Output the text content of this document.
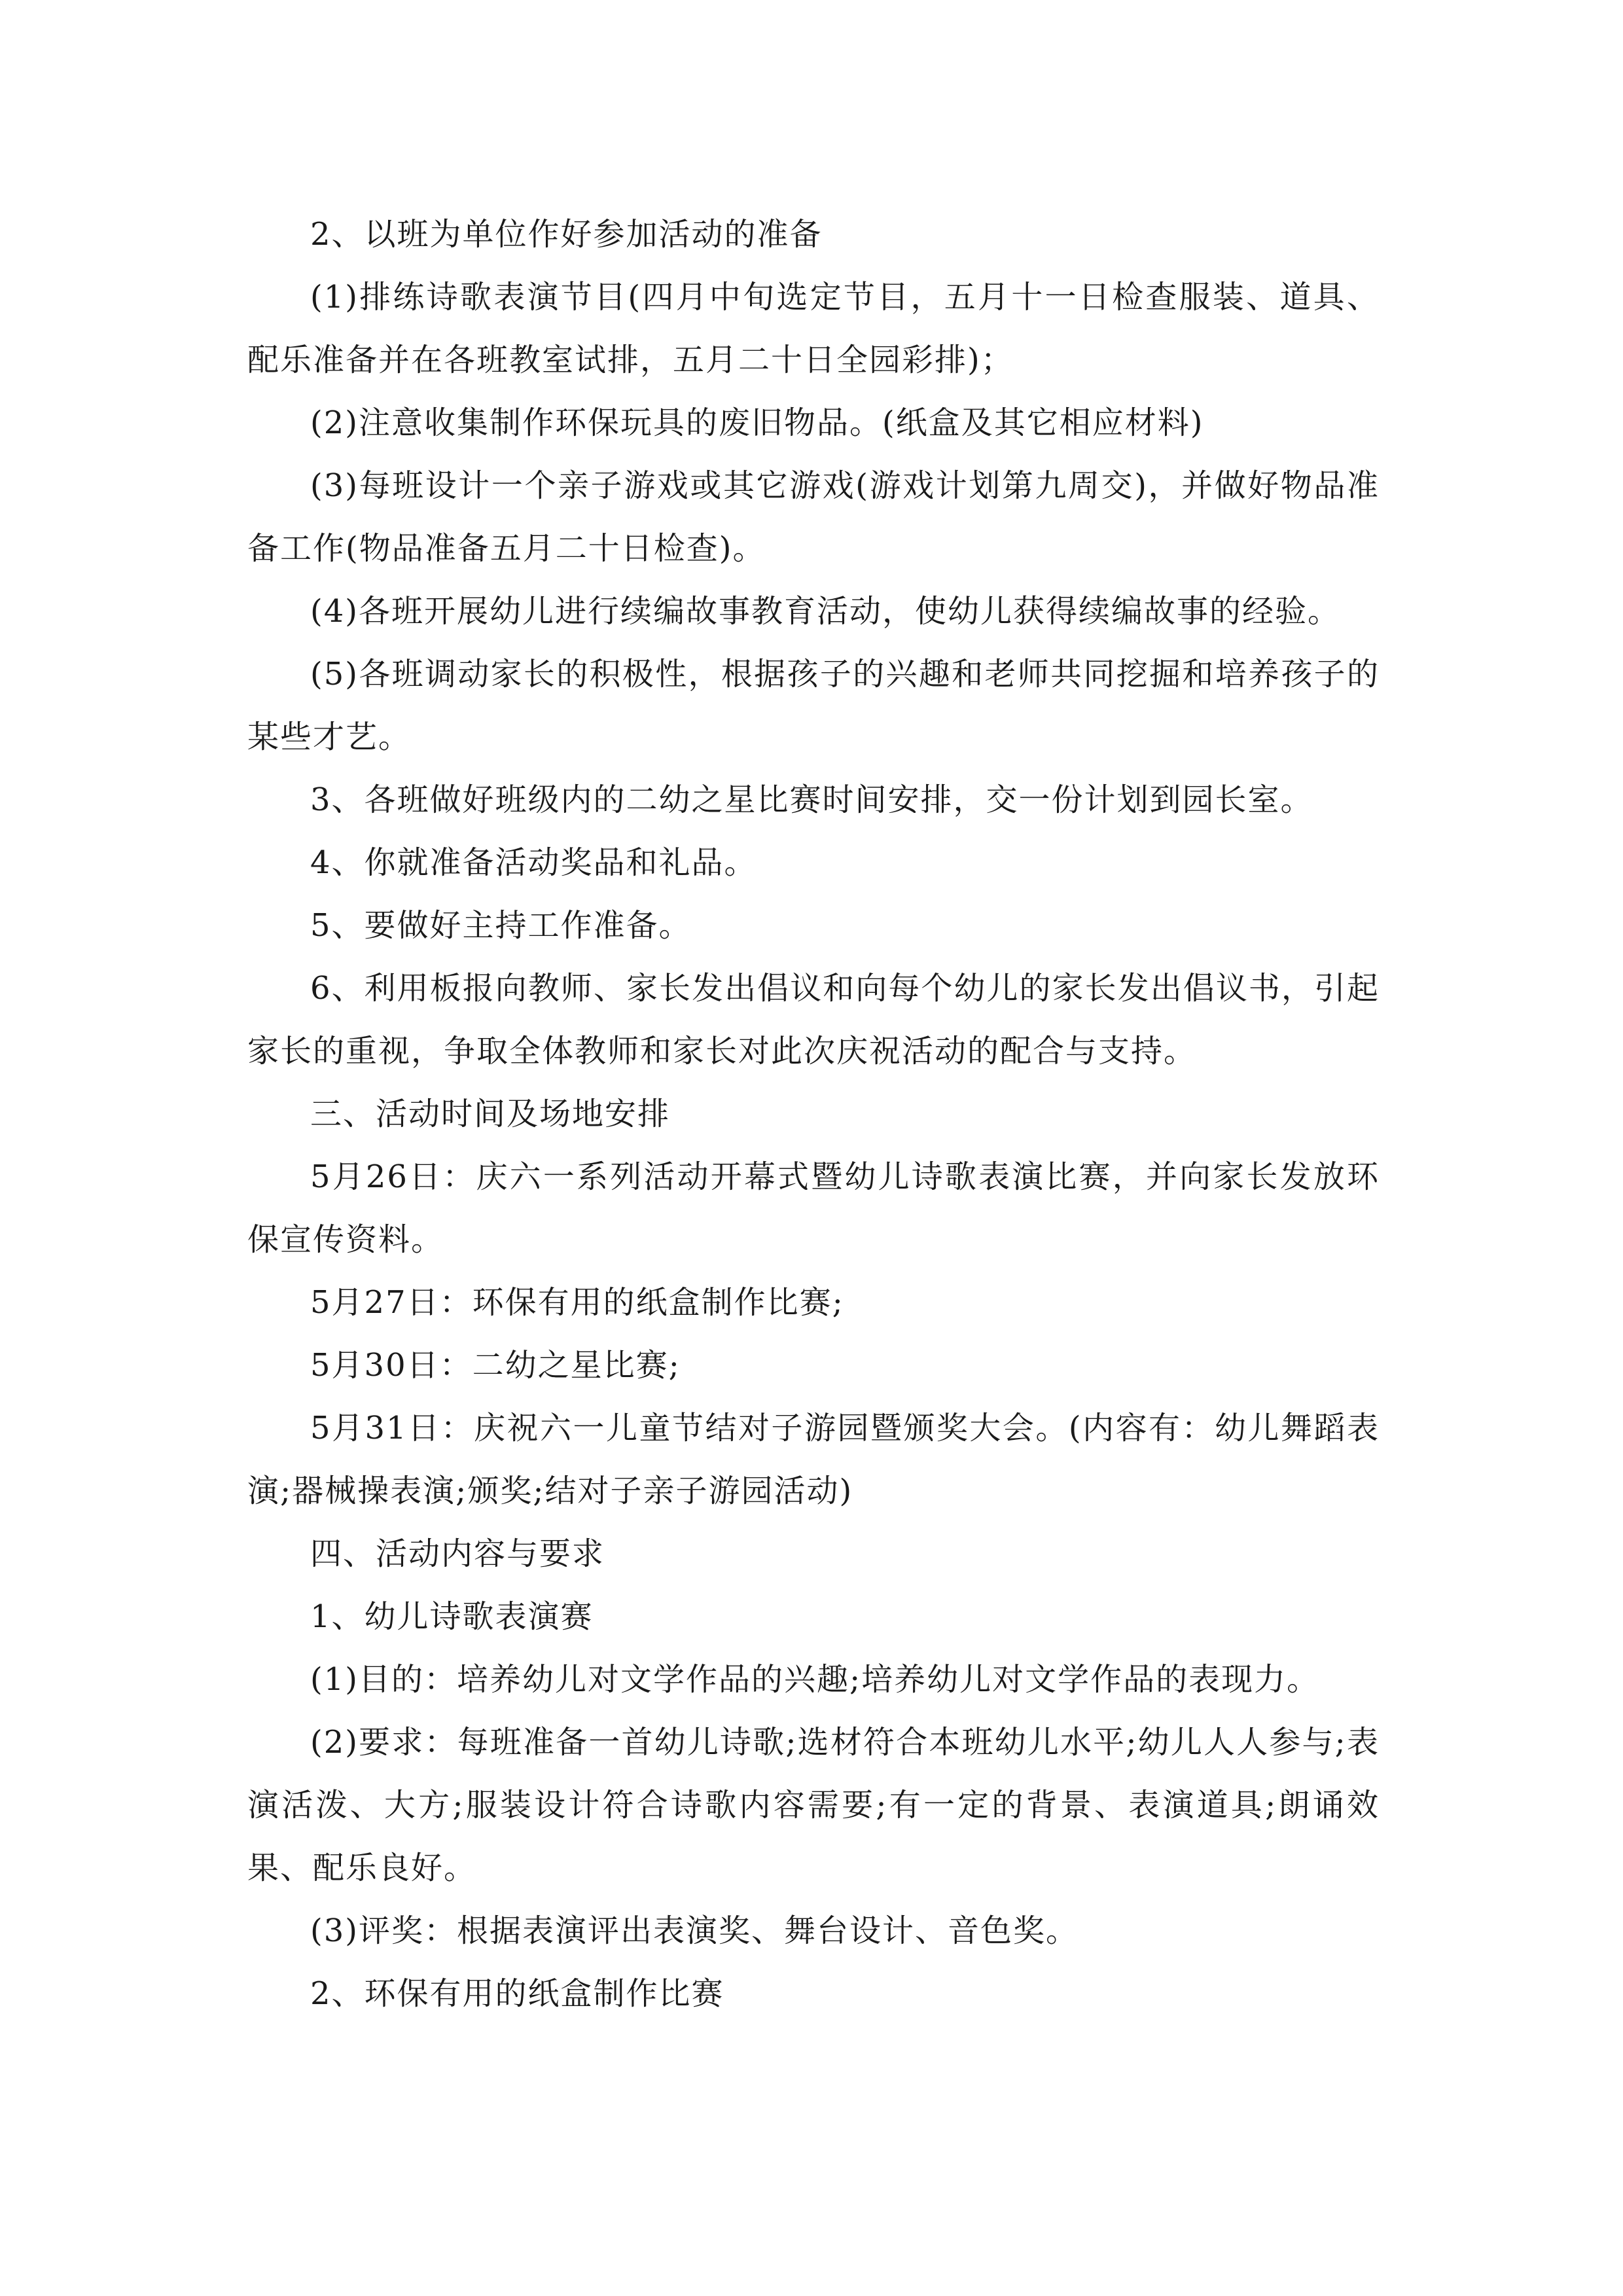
2、以班为单位作好参加活动的准备

(1)排练诗歌表演节目(四月中旬选定节目，五月十一日检查服装、道具、配乐准备并在各班教室试排，五月二十日全园彩排)；

(2)注意收集制作环保玩具的废旧物品。(纸盒及其它相应材料)

(3)每班设计一个亲子游戏或其它游戏(游戏计划第九周交)，并做好物品准备工作(物品准备五月二十日检查)。

(4)各班开展幼儿进行续编故事教育活动，使幼儿获得续编故事的经验。

(5)各班调动家长的积极性，根据孩子的兴趣和老师共同挖掘和培养孩子的某些才艺。

3、各班做好班级内的二幼之星比赛时间安排，交一份计划到园长室。

4、你就准备活动奖品和礼品。

5、要做好主持工作准备。

6、利用板报向教师、家长发出倡议和向每个幼儿的家长发出倡议书，引起家长的重视，争取全体教师和家长对此次庆祝活动的配合与支持。

三、活动时间及场地安排

5月26日：庆六一系列活动开幕式暨幼儿诗歌表演比赛，并向家长发放环保宣传资料。

5月27日：环保有用的纸盒制作比赛;

5月30日：二幼之星比赛;

5月31日：庆祝六一儿童节结对子游园暨颁奖大会。(内容有：幼儿舞蹈表演;器械操表演;颁奖;结对子亲子游园活动)

四、活动内容与要求

1、幼儿诗歌表演赛

(1)目的：培养幼儿对文学作品的兴趣;培养幼儿对文学作品的表现力。

(2)要求：每班准备一首幼儿诗歌;选材符合本班幼儿水平;幼儿人人参与;表演活泼、大方;服装设计符合诗歌内容需要;有一定的背景、表演道具;朗诵效果、配乐良好。

(3)评奖：根据表演评出表演奖、舞台设计、音色奖。

2、环保有用的纸盒制作比赛
